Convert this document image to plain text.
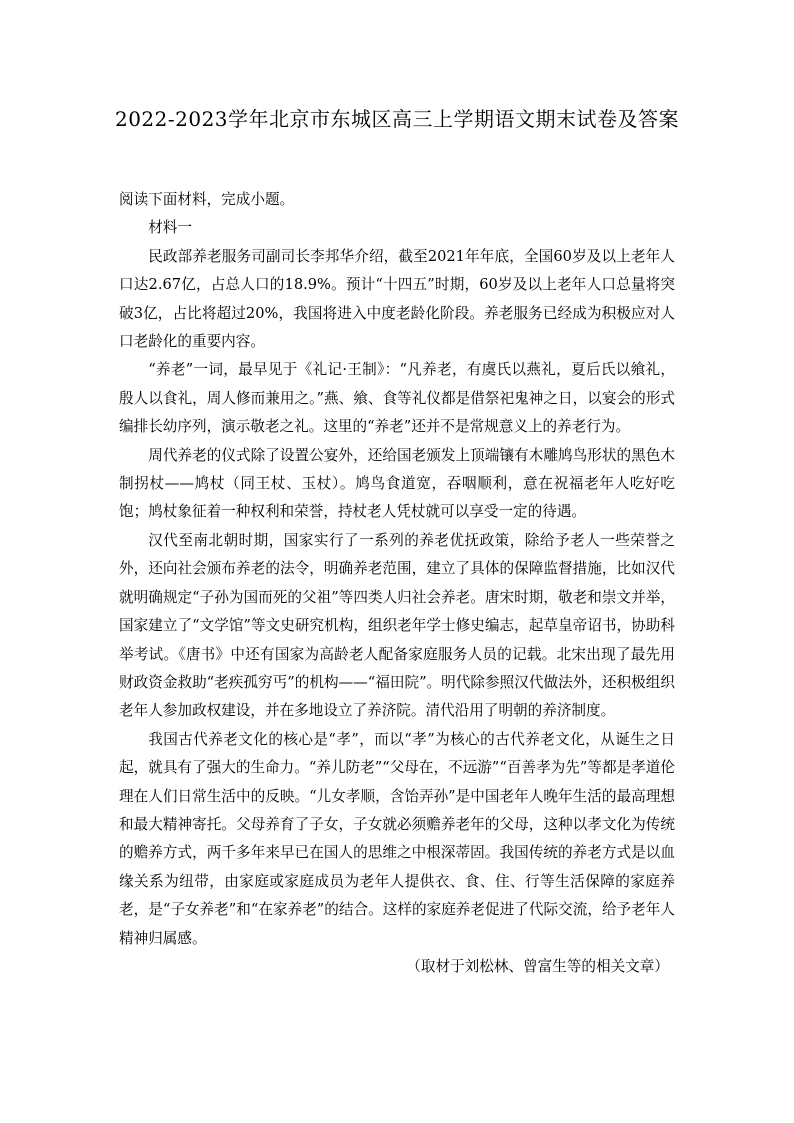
2022-2023学年北京市东城区高三上学期语文期末试卷及答案

阅读下面材料，完成小题。

材料一

民政部养老服务司副司长李邦华介绍，截至2021年年底，全国60岁及以上老年人口达2.67亿，占总人口的18.9%。预计“十四五”时期，60岁及以上老年人口总量将突破3亿，占比将超过20%，我国将进入中度老龄化阶段。养老服务已经成为积极应对人口老龄化的重要内容。

“养老”一词，最早见于《礼记·王制》：“凡养老，有虞氏以燕礼，夏后氏以飨礼，殷人以食礼，周人修而兼用之。”燕、飨、食等礼仪都是借祭祀鬼神之日，以宴会的形式编排长幼序列，演示敬老之礼。这里的“养老”还并不是常规意义上的养老行为。

周代养老的仪式除了设置公宴外，还给国老颁发上顶端镶有木雕鸠鸟形状的黑色木制拐杖——鸠杖（同王杖、玉杖）。鸠鸟食道宽，吞咽顺利，意在祝福老年人吃好吃饱；鸠杖象征着一种权利和荣誉，持杖老人凭杖就可以享受一定的待遇。

汉代至南北朝时期，国家实行了一系列的养老优抚政策，除给予老人一些荣誉之外，还向社会颁布养老的法令，明确养老范围，建立了具体的保障监督措施，比如汉代就明确规定“子孙为国而死的父祖”等四类人归社会养老。唐宋时期，敬老和崇文并举，国家建立了“文学馆”等文史研究机构，组织老年学士修史编志，起草皇帝诏书，协助科举考试。《唐书》中还有国家为高龄老人配备家庭服务人员的记载。北宋出现了最先用财政资金救助“老疾孤穷丐”的机构——“福田院”。明代除参照汉代做法外，还积极组织老年人参加政权建设，并在多地设立了养济院。清代沿用了明朝的养济制度。

我国古代养老文化的核心是“孝”，而以“孝”为核心的古代养老文化，从诞生之日起，就具有了强大的生命力。“养儿防老”“父母在，不远游”“百善孝为先”等都是孝道伦理在人们日常生活中的反映。“儿女孝顺，含饴弄孙”是中国老年人晚年生活的最高理想和最大精神寄托。父母养育了子女，子女就必须赡养老年的父母，这种以孝文化为传统的赡养方式，两千多年来早已在国人的思维之中根深蒂固。我国传统的养老方式是以血缘关系为纽带，由家庭或家庭成员为老年人提供衣、食、住、行等生活保障的家庭养老，是“子女养老”和“在家养老”的结合。这样的家庭养老促进了代际交流，给予老年人精神归属感。

（取材于刘松林、曾富生等的相关文章）
